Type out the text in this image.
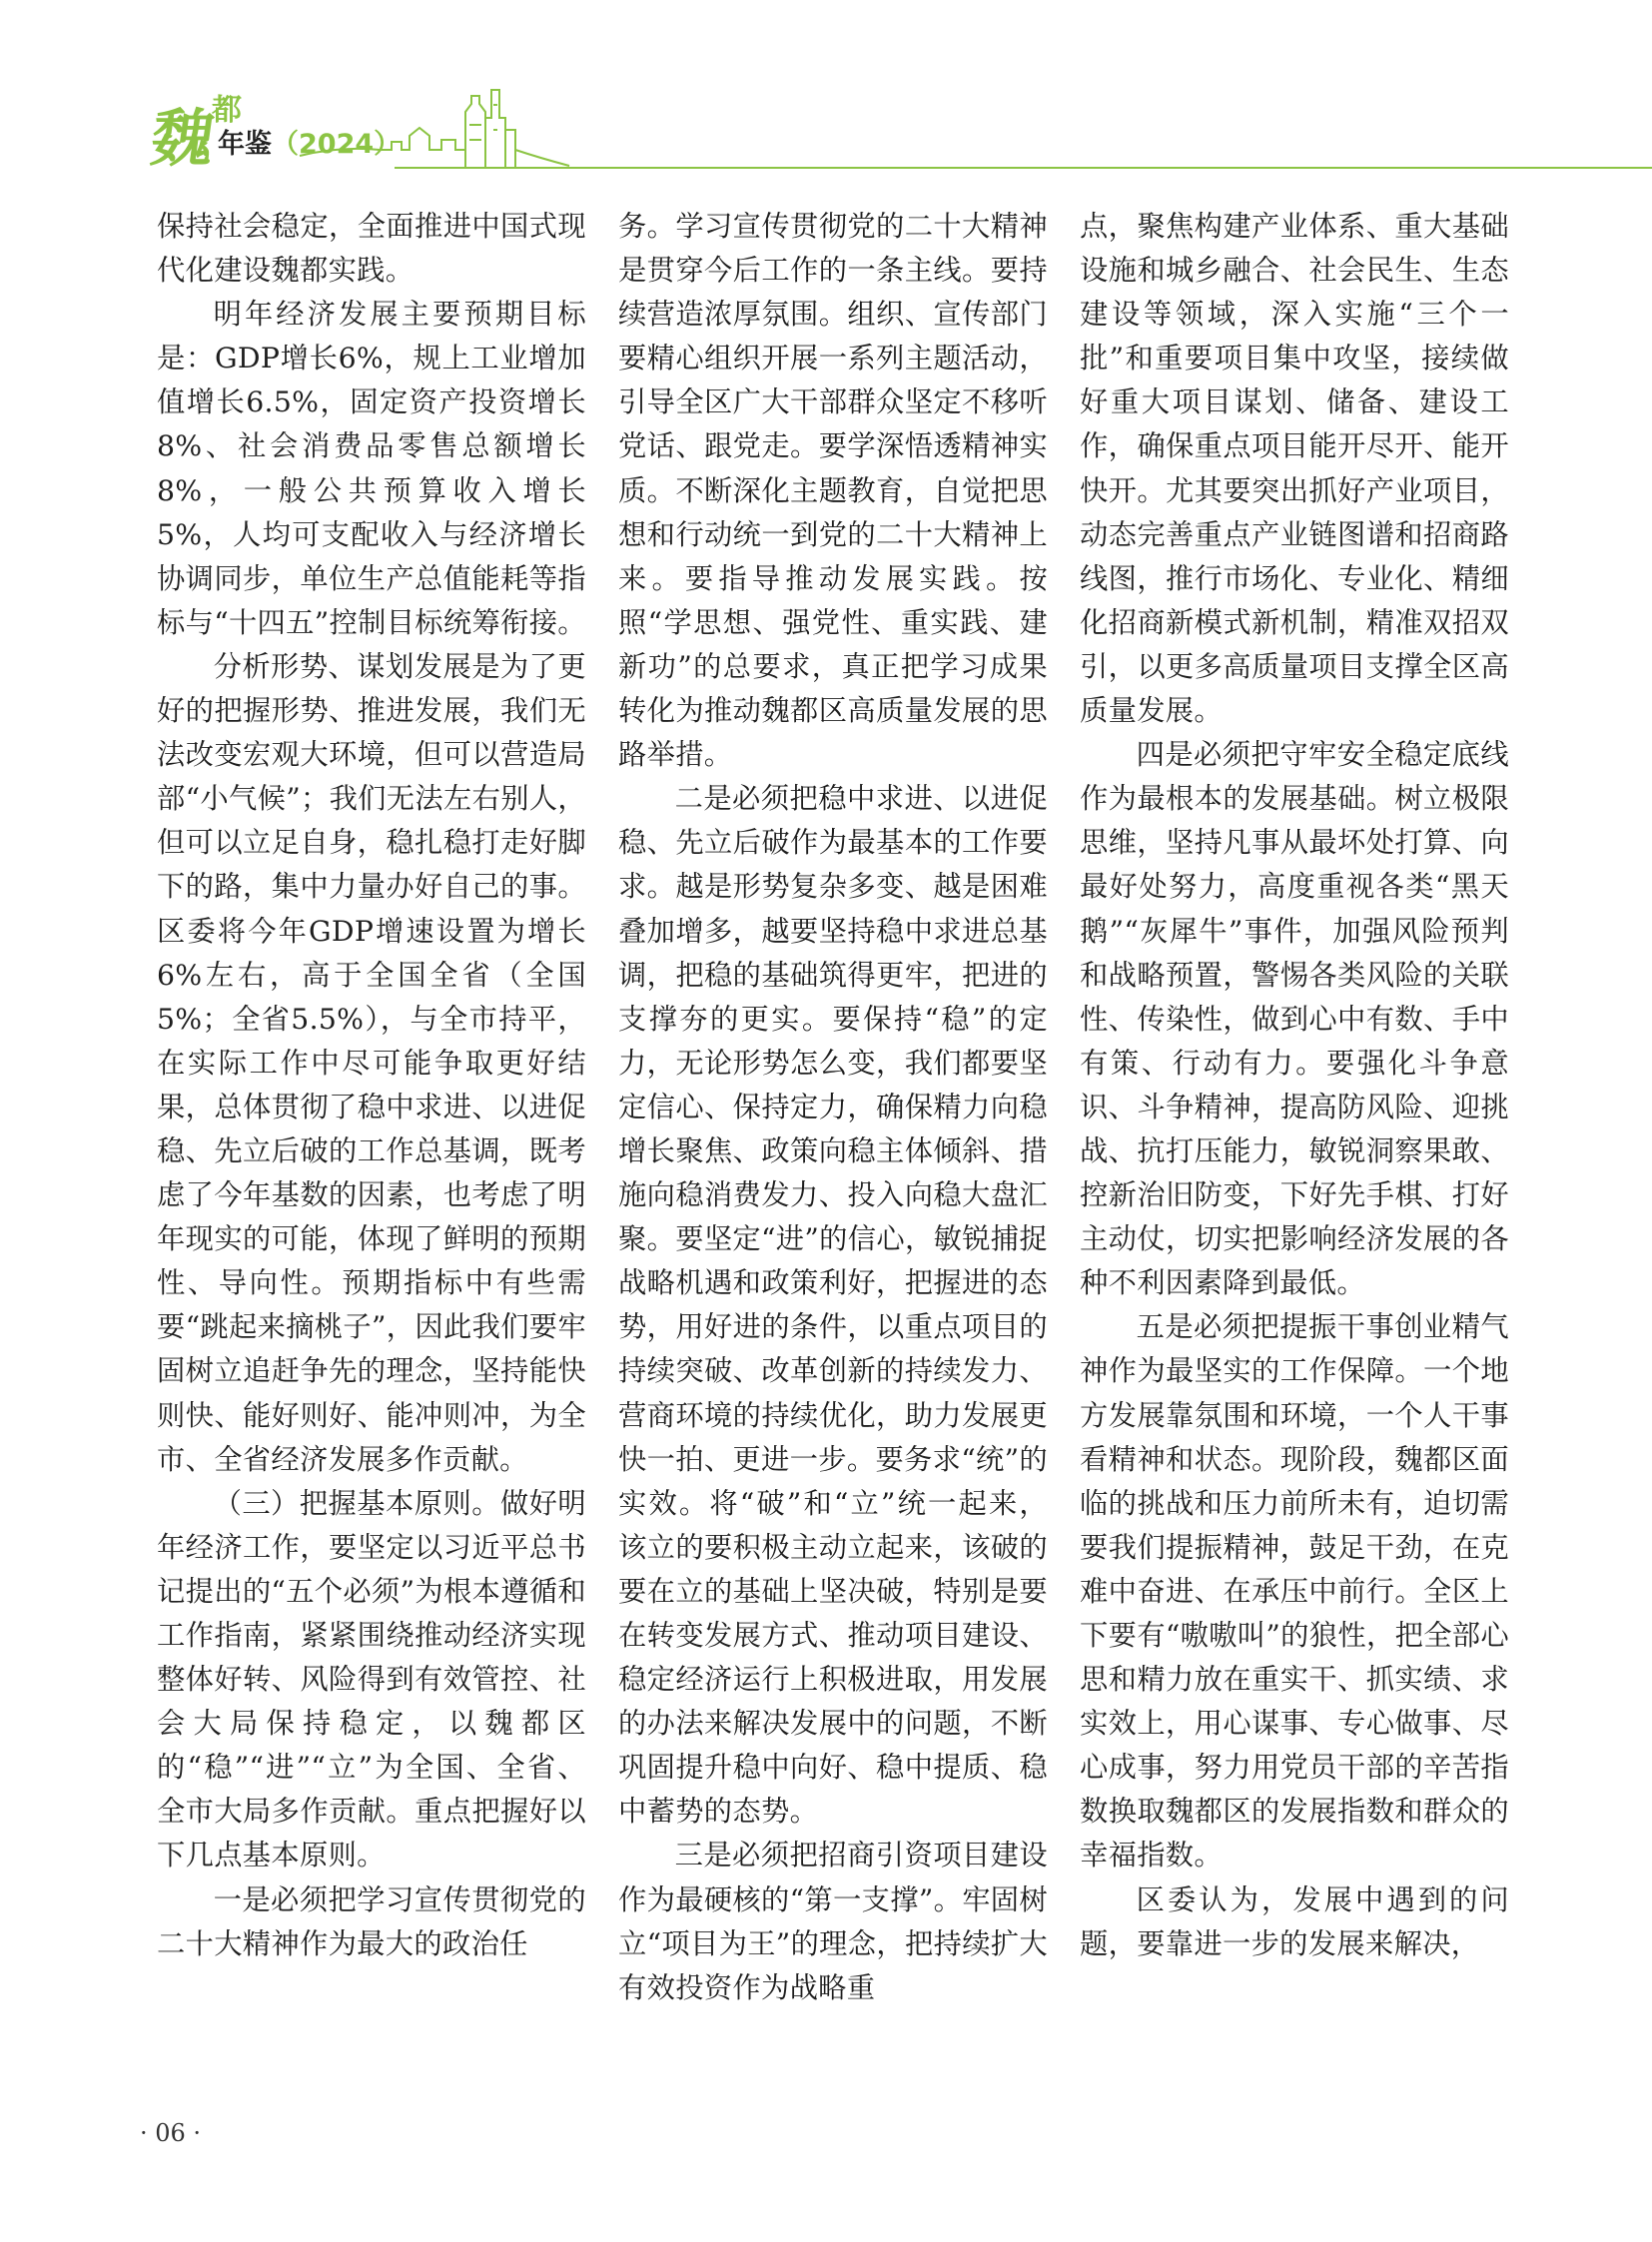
魏
都
年鉴（2024）

保持社会稳定，全面推进中国式现代化建设魏都实践。

明年经济发展主要预期目标是：GDP增长6%，规上工业增加值增长6.5%，固定资产投资增长8%、社会消费品零售总额增长8%，一般公共预算收入增长5%，人均可支配收入与经济增长协调同步，单位生产总值能耗等指标与“十四五”控制目标统筹衔接。

分析形势、谋划发展是为了更好的把握形势、推进发展，我们无法改变宏观大环境，但可以营造局部“小气候”；我们无法左右别人，但可以立足自身，稳扎稳打走好脚下的路，集中力量办好自己的事。区委将今年GDP增速设置为增长6%左右，高于全国全省（全国5%；全省5.5%），与全市持平，在实际工作中尽可能争取更好结果，总体贯彻了稳中求进、以进促稳、先立后破的工作总基调，既考虑了今年基数的因素，也考虑了明年现实的可能，体现了鲜明的预期性、导向性。预期指标中有些需要“跳起来摘桃子”，因此我们要牢固树立追赶争先的理念，坚持能快则快、能好则好、能冲则冲，为全市、全省经济发展多作贡献。

（三）把握基本原则。做好明年经济工作，要坚定以习近平总书记提出的“五个必须”为根本遵循和工作指南，紧紧围绕推动经济实现整体好转、风险得到有效管控、社会大局保持稳定，以魏都区的“稳”“进”“立”为全国、全省、全市大局多作贡献。重点把握好以下几点基本原则。

一是必须把学习宣传贯彻党的二十大精神作为最大的政治任

务。学习宣传贯彻党的二十大精神是贯穿今后工作的一条主线。要持续营造浓厚氛围。组织、宣传部门要精心组织开展一系列主题活动，引导全区广大干部群众坚定不移听党话、跟党走。要学深悟透精神实质。不断深化主题教育，自觉把思想和行动统一到党的二十大精神上来。要指导推动发展实践。按照“学思想、强党性、重实践、建新功”的总要求，真正把学习成果转化为推动魏都区高质量发展的思路举措。

二是必须把稳中求进、以进促稳、先立后破作为最基本的工作要求。越是形势复杂多变、越是困难叠加增多，越要坚持稳中求进总基调，把稳的基础筑得更牢，把进的支撑夯的更实。要保持“稳”的定力，无论形势怎么变，我们都要坚定信心、保持定力，确保精力向稳增长聚焦、政策向稳主体倾斜、措施向稳消费发力、投入向稳大盘汇聚。要坚定“进”的信心，敏锐捕捉战略机遇和政策利好，把握进的态势，用好进的条件，以重点项目的持续突破、改革创新的持续发力、营商环境的持续优化，助力发展更快一拍、更进一步。要务求“统”的实效。将“破”和“立”统一起来，该立的要积极主动立起来，该破的要在立的基础上坚决破，特别是要在转变发展方式、推动项目建设、稳定经济运行上积极进取，用发展的办法来解决发展中的问题，不断巩固提升稳中向好、稳中提质、稳中蓄势的态势。

三是必须把招商引资项目建设作为最硬核的“第一支撑”。牢固树立“项目为王”的理念，把持续扩大有效投资作为战略重

点，聚焦构建产业体系、重大基础设施和城乡融合、社会民生、生态建设等领域，深入实施“三个一批”和重要项目集中攻坚，接续做好重大项目谋划、储备、建设工作，确保重点项目能开尽开、能开快开。尤其要突出抓好产业项目，动态完善重点产业链图谱和招商路线图，推行市场化、专业化、精细化招商新模式新机制，精准双招双引，以更多高质量项目支撑全区高质量发展。

四是必须把守牢安全稳定底线作为最根本的发展基础。树立极限思维，坚持凡事从最坏处打算、向最好处努力，高度重视各类“黑天鹅”“灰犀牛”事件，加强风险预判和战略预置，警惕各类风险的关联性、传染性，做到心中有数、手中有策、行动有力。要强化斗争意识、斗争精神，提高防风险、迎挑战、抗打压能力，敏锐洞察果敢、控新治旧防变，下好先手棋、打好主动仗，切实把影响经济发展的各种不利因素降到最低。

五是必须把提振干事创业精气神作为最坚实的工作保障。一个地方发展靠氛围和环境，一个人干事看精神和状态。现阶段，魏都区面临的挑战和压力前所未有，迫切需要我们提振精神，鼓足干劲，在克难中奋进、在承压中前行。全区上下要有“嗷嗷叫”的狼性，把全部心思和精力放在重实干、抓实绩、求实效上，用心谋事、专心做事、尽心成事，努力用党员干部的辛苦指数换取魏都区的发展指数和群众的幸福指数。

区委认为，发展中遇到的问题，要靠进一步的发展来解决，

· 06 ·
